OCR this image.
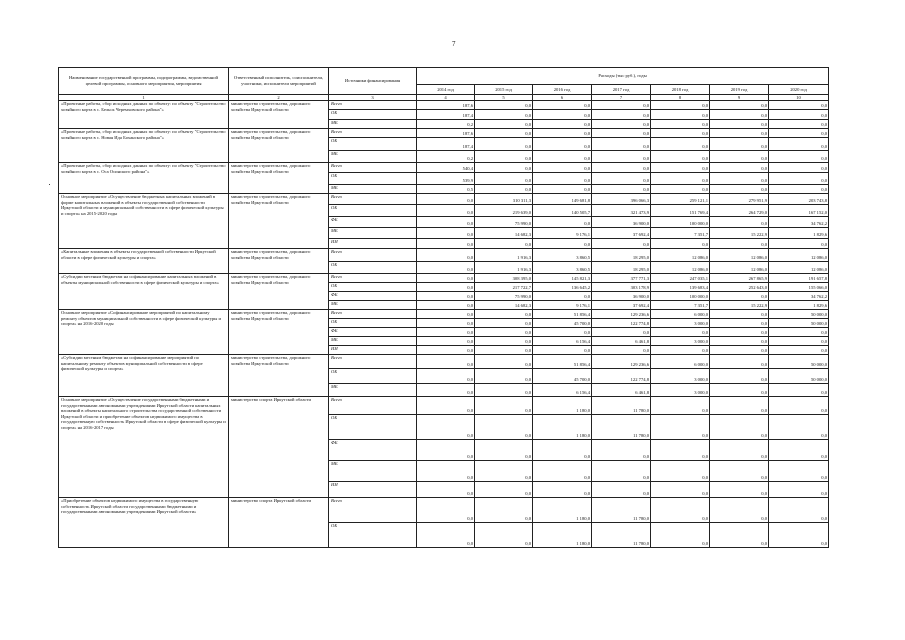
7
Наименование государственной программы, подпрограммы, ведомственной целевой программы, основного мероприятия, мероприятия	Ответственный исполнитель, соисполнители, участники, исполнители мероприятий	Источники финансирования	Расходы (тыс руб.), годы						
			2014 год	2015 год	2016 год	2017 год	2018 год	2019 год	2020 год
1	2	3	4	5	6	7	8	9	10
«Проектные работы, сбор исходных данных по объекту: по объекту "Строительство хозяйного корта в с. Бельск Черемховского района"»	министерство строительства, дорожного хозяйства Иркутской области	Всего	187,6	0,0	0,0	0,0	0,0	0,0	0,0
		ОБ	187,4	0,0	0,0	0,0	0,0	0,0	0,0
		МБ	0,2	0,0	0,0	0,0	0,0	0,0	0,0
«Проектные работы, сбор исходных данных по объекту: по объекту "Строительство хозяйного корта в с. Новая Ида Боханского района"»	министерство строительства, дорожного хозяйства Иркутской области	Всего	187,6	0,0	0,0	0,0	0,0	0,0	0,0
		ОБ	187,4	0,0	0,0	0,0	0,0	0,0	0,0
		МБ	0,2	0,0	0,0	0,0	0,0	0,0	0,0
«Проектные работы, сбор исходных данных по объекту: по объекту "Строительство хозяйного корта в с. Оса Осинского района"»	министерство строительства, дорожного хозяйства Иркутской области	Всего	540,4	0,0	0,0	0,0	0,0	0,0	0,0
		ОБ	539,9	0,0	0,0	0,0	0,0	0,0	0,0
		МБ	0,5	0,0	0,0	0,0	0,0	0,0	0,0
Основное мероприятие «Осуществление бюджетных капитальных вложений в форме капитальных вложений в объекты государственной собственности Иркутской области и муниципальной собственности в сфере физической культуры и спорта» на 2015-2020 годы	министерство строительства, дорожного хозяйства Иркутской области	Всего	0,0	310 311,3	149 681,8	396 066,3	259 121,1	279 951,9	203 743,8
		ОБ	0,0	219 639,0	140 505,7	321 473,9	151 769,4	264 729,0	167 152,0
		ФБ	0,0	75 990,0	0,0	36 900,0	100 000,0	0,0	34 762,2
		МБ	0,0	14 682,3	9 176,1	37 692,4	7 351,7	15 222,9	1 829,6
		ИИ	0,0	0,0	0,0	0,0	0,0	0,0	0,0
«Капитальные вложения в объекты государственной собственности Иркутской области в сфере физической культуры и спорта»	министерство строительства, дорожного хозяйства Иркутской области	Всего	0,0	1 916,3	3 860,5	18 295,0	12 086,0	12 086,0	12 086,0
		ОБ	0,0	1 916,3	3 860,5	18 295,0	12 086,0	12 086,0	12 086,0
«Субсидии местным бюджетам на софинансирование капитальных вложений в объекты муниципальной собственности в сфере физической культуры и спорта»	министерство строительства, дорожного хозяйства Иркутской области	Всего	0,0	308 395,0	145 821,3	377 771,3	247 035,1	267 865,9	191 657,8
		ОБ	0,0	217 722,7	136 645,2	303 178,9	139 683,4	252 643,0	155 066,0
		ФБ	0,0	75 990,0	0,0	36 900,0	100 000,0	0,0	34 762,2
		МБ	0,0	14 682,3	9 176,1	37 692,4	7 351,7	15 222,9	1 829,6
Основное мероприятие «Софинансирование мероприятий по капитальному ремонту объектов муниципальной собственности в сфере физической культуры и спорта» на 2016-2020 годы	министерство строительства, дорожного хозяйства Иркутской области	Всего	0,0	0,0	51 856,4	129 236,6	6 000,0	0,0	50 000,0
		ОБ	0,0	0,0	45 700,0	122 774,8	3 000,0	0,0	50 000,0
		ФБ	0,0	0,0	0,0	0,0	0,0	0,0	0,0
		МБ	0,0	0,0	6 156,4	6 461,8	3 000,0	0,0	0,0
		ИИ	0,0	0,0	0,0	0,0	0,0	0,0	0,0
«Субсидии местным бюджетам на софинансирование мероприятий по капитальному ремонту объектов муниципальной собственности в сфере физической культуры и спорта»	министерство строительства, дорожного хозяйства Иркутской области	Всего	0,0	0,0	51 856,4	129 236,6	6 000,0	0,0	50 000,0
		ОБ	0,0	0,0	45 700,0	122 774,8	3 000,0	0,0	50 000,0
		МБ	0,0	0,0	6 156,4	6 461,8	3 000,0	0,0	0,0
Основное мероприятие «Осуществление государственными бюджетными и государственными автономными учреждениями Иркутской области капитальных вложений в объекты капитального строительства государственной собственности Иркутской области и приобретение объектов недвижимого имущества в государственную собственность Иркутской области в сфере физической культуры и спорта» на 2016-2017 годы	министерство спорта Иркутской области	Всего	0,0	0,0	1 180,0	11 780,0	0,0	0,0	0,0
		ОБ	0,0	0,0	1 180,0	11 780,0	0,0	0,0	0,0
		ФБ	0,0	0,0	0,0	0,0	0,0	0,0	0,0
		МБ	0,0	0,0	0,0	0,0	0,0	0,0	0,0
		ИИ	0,0	0,0	0,0	0,0	0,0	0,0	0,0
«Приобретение объектов недвижимого имущества в государственную собственность Иркутской области государственными бюджетными и государственными автономными учреждениями Иркутской области»	министерство спорта Иркутской области	Всего	0,0	0,0	1 180,0	11 780,0	0,0	0,0	0,0
		ОБ	0,0	0,0	1 180,0	11 780,0	0,0	0,0	0,0
